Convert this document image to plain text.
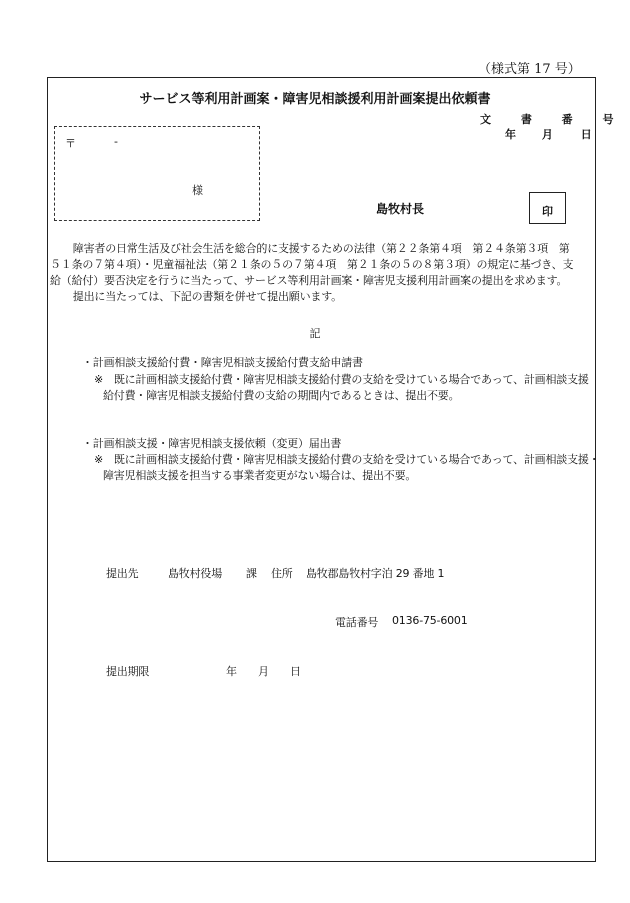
（様式第 17 号）
サービス等利用計画案・障害児相談援利用計画案提出依頼書
文 書 番 号
年 月	日
〒	-
様
島牧村長	印
　障害者の日常生活及び社会生活を総合的に支援するための法律（第２２条第４項　第２４条第３項　第
５１条の７第４項）・児童福祉法（第２１条の５の７第４項　第２１条の５の８第３項）の規定に基づき、支
給（給付）要否決定を行うに当たって、サービス等利用計画案・障害児支援利用計画案の提出を求めます。
　提出に当たっては、下記の書類を併せて提出願います。
記
・計画相談支援給付費・障害児相談支援給付費支給申請書
※　既に計画相談支援給付費・障害児相談支援給付費の支給を受けている場合であって、計画相談支援
給付費・障害児相談支援給付費の支給の期間内であるときは、提出不要。
・計画相談支援・障害児相談支援依頼（変更）届出書
※　既に計画相談支援給付費・障害児相談支援給付費の支給を受けている場合であって、計画相談支援・
障害児相談支援を担当する事業者変更がない場合は、提出不要。
提出先	島牧村役場 課 住所 島牧郡島牧村字泊 29 番地 1
電話番号 0136-75-6001
提出期限	年 月 日
